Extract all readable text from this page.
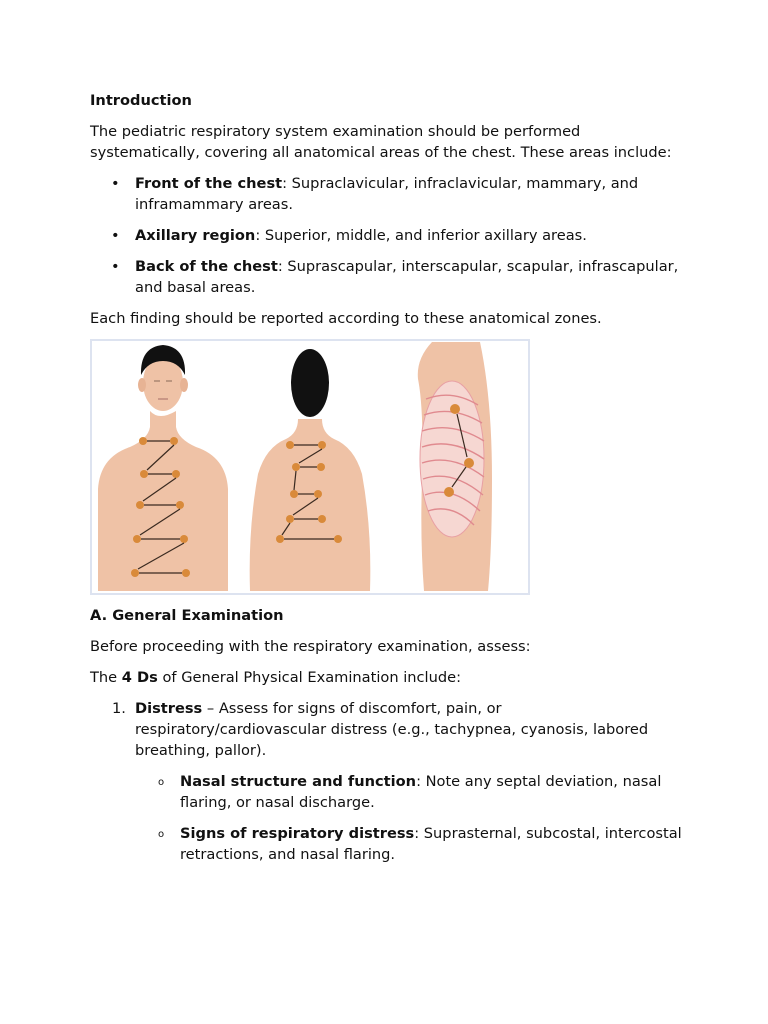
Introduction

The pediatric respiratory system examination should be performed systematically, covering all anatomical areas of the chest. These areas include:

• Front of the chest: Supraclavicular, infraclavicular, mammary, and inframammary areas.
• Axillary region: Superior, middle, and inferior axillary areas.
• Back of the chest: Suprascapular, interscapular, scapular, infrascapular, and basal areas.

Each finding should be reported according to these anatomical zones.

A. General Examination

Before proceeding with the respiratory examination, assess:

The 4 Ds of General Physical Examination include:

1. Distress – Assess for signs of discomfort, pain, or respiratory/cardiovascular distress (e.g., tachypnea, cyanosis, labored breathing, pallor).
o Nasal structure and function: Note any septal deviation, nasal flaring, or nasal discharge.
o Signs of respiratory distress: Suprasternal, subcostal, intercostal retractions, and nasal flaring.
